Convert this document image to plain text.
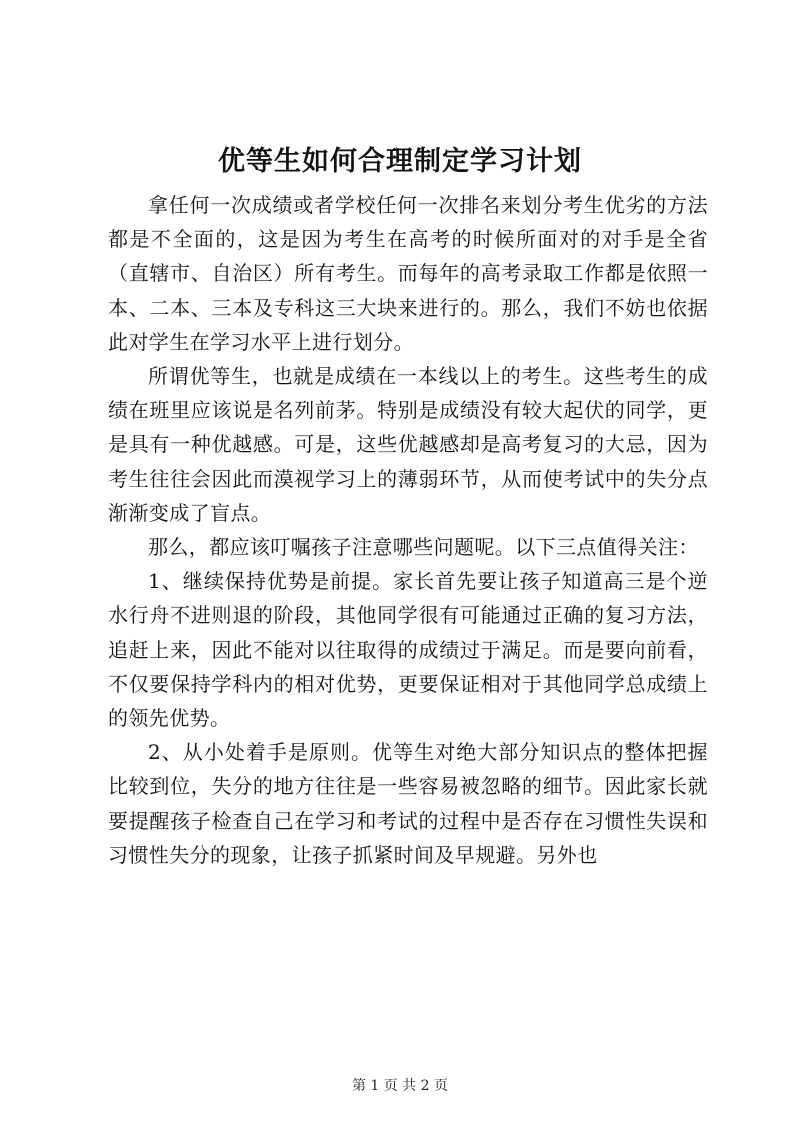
优等生如何合理制定学习计划

拿任何一次成绩或者学校任何一次排名来划分考生优劣的方法都是不全面的，这是因为考生在高考的时候所面对的对手是全省（直辖市、自治区）所有考生。而每年的高考录取工作都是依照一本、二本、三本及专科这三大块来进行的。那么，我们不妨也依据此对学生在学习水平上进行划分。

所谓优等生，也就是成绩在一本线以上的考生。这些考生的成绩在班里应该说是名列前茅。特别是成绩没有较大起伏的同学，更是具有一种优越感。可是，这些优越感却是高考复习的大忌，因为考生往往会因此而漠视学习上的薄弱环节，从而使考试中的失分点渐渐变成了盲点。

那么，都应该叮嘱孩子注意哪些问题呢。以下三点值得关注：

1、继续保持优势是前提。家长首先要让孩子知道高三是个逆水行舟不进则退的阶段，其他同学很有可能通过正确的复习方法，追赶上来，因此不能对以往取得的成绩过于满足。而是要向前看，不仅要保持学科内的相对优势，更要保证相对于其他同学总成绩上的领先优势。

2、从小处着手是原则。优等生对绝大部分知识点的整体把握比较到位，失分的地方往往是一些容易被忽略的细节。因此家长就要提醒孩子检查自己在学习和考试的过程中是否存在习惯性失误和习惯性失分的现象，让孩子抓紧时间及早规避。另外也

第 1 页 共 2 页
